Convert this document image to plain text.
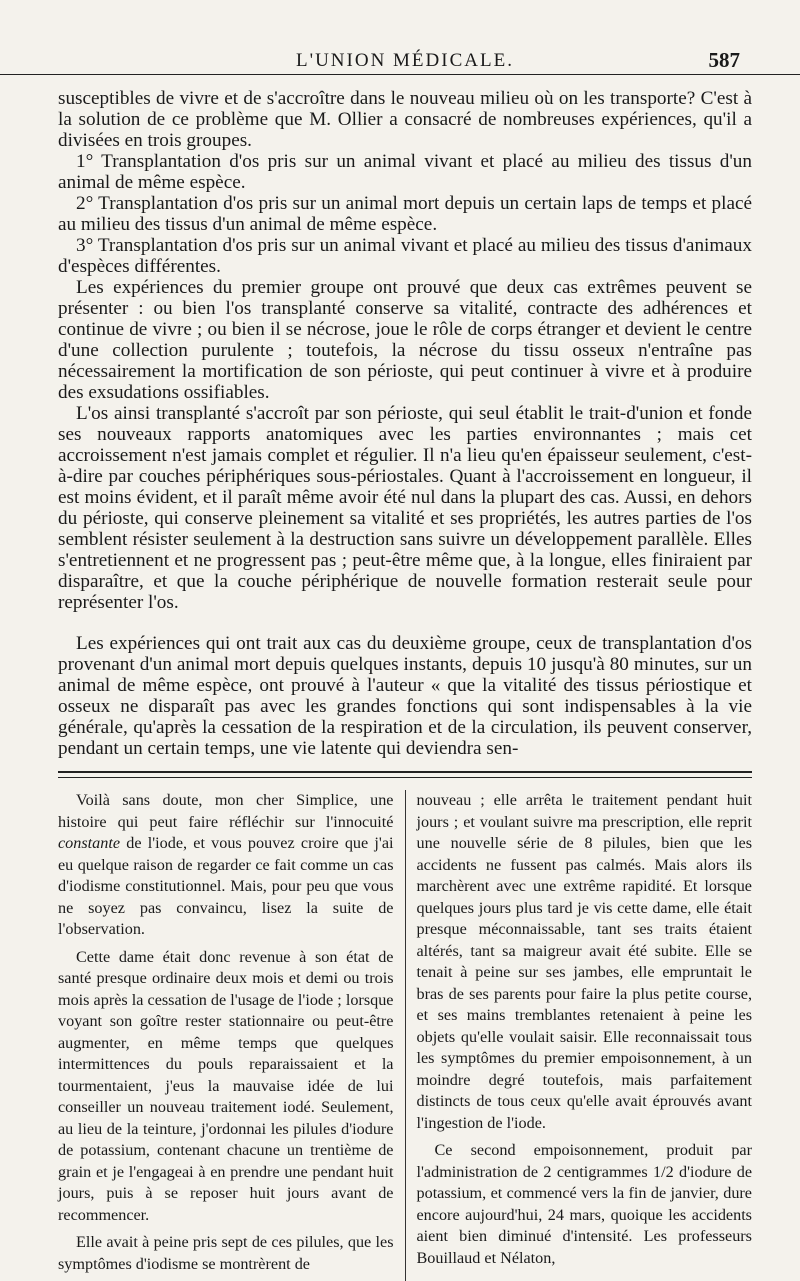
L'UNION MÉDICALE.	587

susceptibles de vivre et de s'accroître dans le nouveau milieu où on les transporte? C'est à la solution de ce problème que M. Ollier a consacré de nombreuses expériences, qu'il a divisées en trois groupes.

1° Transplantation d'os pris sur un animal vivant et placé au milieu des tissus d'un animal de même espèce.

2° Transplantation d'os pris sur un animal mort depuis un certain laps de temps et placé au milieu des tissus d'un animal de même espèce.

3° Transplantation d'os pris sur un animal vivant et placé au milieu des tissus d'animaux d'espèces différentes.

Les expériences du premier groupe ont prouvé que deux cas extrêmes peuvent se présenter : ou bien l'os transplanté conserve sa vitalité, contracte des adhérences et continue de vivre ; ou bien il se nécrose, joue le rôle de corps étranger et devient le centre d'une collection purulente ; toutefois, la nécrose du tissu osseux n'entraîne pas nécessairement la mortification de son périoste, qui peut continuer à vivre et à produire des exsudations ossifiables.

L'os ainsi transplanté s'accroît par son périoste, qui seul établit le trait-d'union et fonde ses nouveaux rapports anatomiques avec les parties environnantes ; mais cet accroissement n'est jamais complet et régulier. Il n'a lieu qu'en épaisseur seulement, c'est-à-dire par couches périphériques sous-périostales. Quant à l'accroissement en longueur, il est moins évident, et il paraît même avoir été nul dans la plupart des cas. Aussi, en dehors du périoste, qui conserve pleinement sa vitalité et ses propriétés, les autres parties de l'os semblent résister seulement à la destruction sans suivre un développement parallèle. Elles s'entretiennent et ne progressent pas ; peut-être même que, à la longue, elles finiraient par disparaître, et que la couche périphérique de nouvelle formation resterait seule pour représenter l'os.

Les expériences qui ont trait aux cas du deuxième groupe, ceux de transplantation d'os provenant d'un animal mort depuis quelques instants, depuis 10 jusqu'à 80 minutes, sur un animal de même espèce, ont prouvé à l'auteur « que la vitalité des tissus périostique et osseux ne disparaît pas avec les grandes fonctions qui sont indispensables à la vie générale, qu'après la cessation de la respiration et de la circulation, ils peuvent conserver, pendant un certain temps, une vie latente qui deviendra sen-

Voilà sans doute, mon cher Simplice, une histoire qui peut faire réfléchir sur l'innocuité constante de l'iode, et vous pouvez croire que j'ai eu quelque raison de regarder ce fait comme un cas d'iodisme constitutionnel. Mais, pour peu que vous ne soyez pas convaincu, lisez la suite de l'observation.

Cette dame était donc revenue à son état de santé presque ordinaire deux mois et demi ou trois mois après la cessation de l'usage de l'iode ; lorsque voyant son goître rester stationnaire ou peut-être augmenter, en même temps que quelques intermittences du pouls reparaissaient et la tourmentaient, j'eus la mauvaise idée de lui conseiller un nouveau traitement iodé. Seulement, au lieu de la teinture, j'ordonnai les pilules d'iodure de potassium, contenant chacune un trentième de grain et je l'engageai à en prendre une pendant huit jours, puis à se reposer huit jours avant de recommencer.

Elle avait à peine pris sept de ces pilules, que les symptômes d'iodisme se montrèrent de

nouveau ; elle arrêta le traitement pendant huit jours ; et voulant suivre ma prescription, elle reprit une nouvelle série de 8 pilules, bien que les accidents ne fussent pas calmés. Mais alors ils marchèrent avec une extrême rapidité. Et lorsque quelques jours plus tard je vis cette dame, elle était presque méconnaissable, tant ses traits étaient altérés, tant sa maigreur avait été subite. Elle se tenait à peine sur ses jambes, elle empruntait le bras de ses parents pour faire la plus petite course, et ses mains tremblantes retenaient à peine les objets qu'elle voulait saisir. Elle reconnaissait tous les symptômes du premier empoisonnement, à un moindre degré toutefois, mais parfaitement distincts de tous ceux qu'elle avait éprouvés avant l'ingestion de l'iode.

Ce second empoisonnement, produit par l'administration de 2 centigrammes 1/2 d'iodure de potassium, et commencé vers la fin de janvier, dure encore aujourd'hui, 24 mars, quoique les accidents aient bien diminué d'intensité. Les professeurs Bouillaud et Nélaton,
